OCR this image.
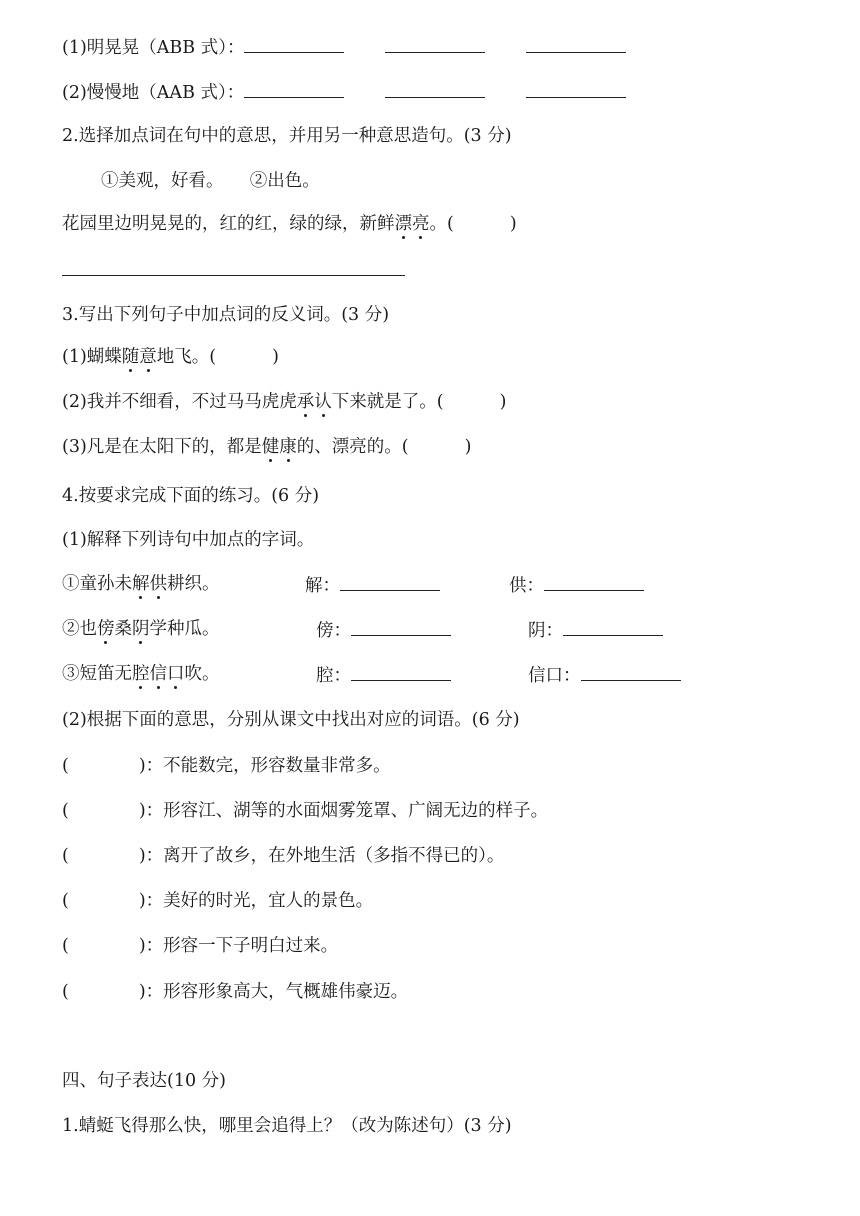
(1)明晃晃（ABB 式）：
(2)慢慢地（AAB 式）：
2.选择加点词在句中的意思，并用另一种意思造句。(3 分)
①美观，好看。　　②出色。
花园里边明晃晃的，红的红，绿的绿，新鲜漂亮。(	)
3.写出下列句子中加点词的反义词。(3 分)
(1)蝴蝶随意地飞。(	)
(2)我并不细看，不过马马虎虎承认下来就是了。(	)
(3)凡是在太阳下的，都是健康的、漂亮的。(	)
4.按要求完成下面的练习。(6 分)
(1)解释下列诗句中加点的字词。
①童孙未解供耕织。	解：	供：
②也傍桑阴学种瓜。	傍：	阴：
③短笛无腔信口吹。	腔：	信口：
(2)根据下面的意思，分别从课文中找出对应的词语。(6 分)
(　　　　)：不能数完，形容数量非常多。
(　　　　)：形容江、湖等的水面烟雾笼罩、广阔无边的样子。
(　　　　)：离开了故乡，在外地生活（多指不得已的）。
(　　　　)：美好的时光，宜人的景色。
(　　　　)：形容一下子明白过来。
(　　　　)：形容形象高大，气概雄伟豪迈。
四、句子表达(10 分)
1.蜻蜓飞得那么快，哪里会追得上？（改为陈述句）(3 分)
